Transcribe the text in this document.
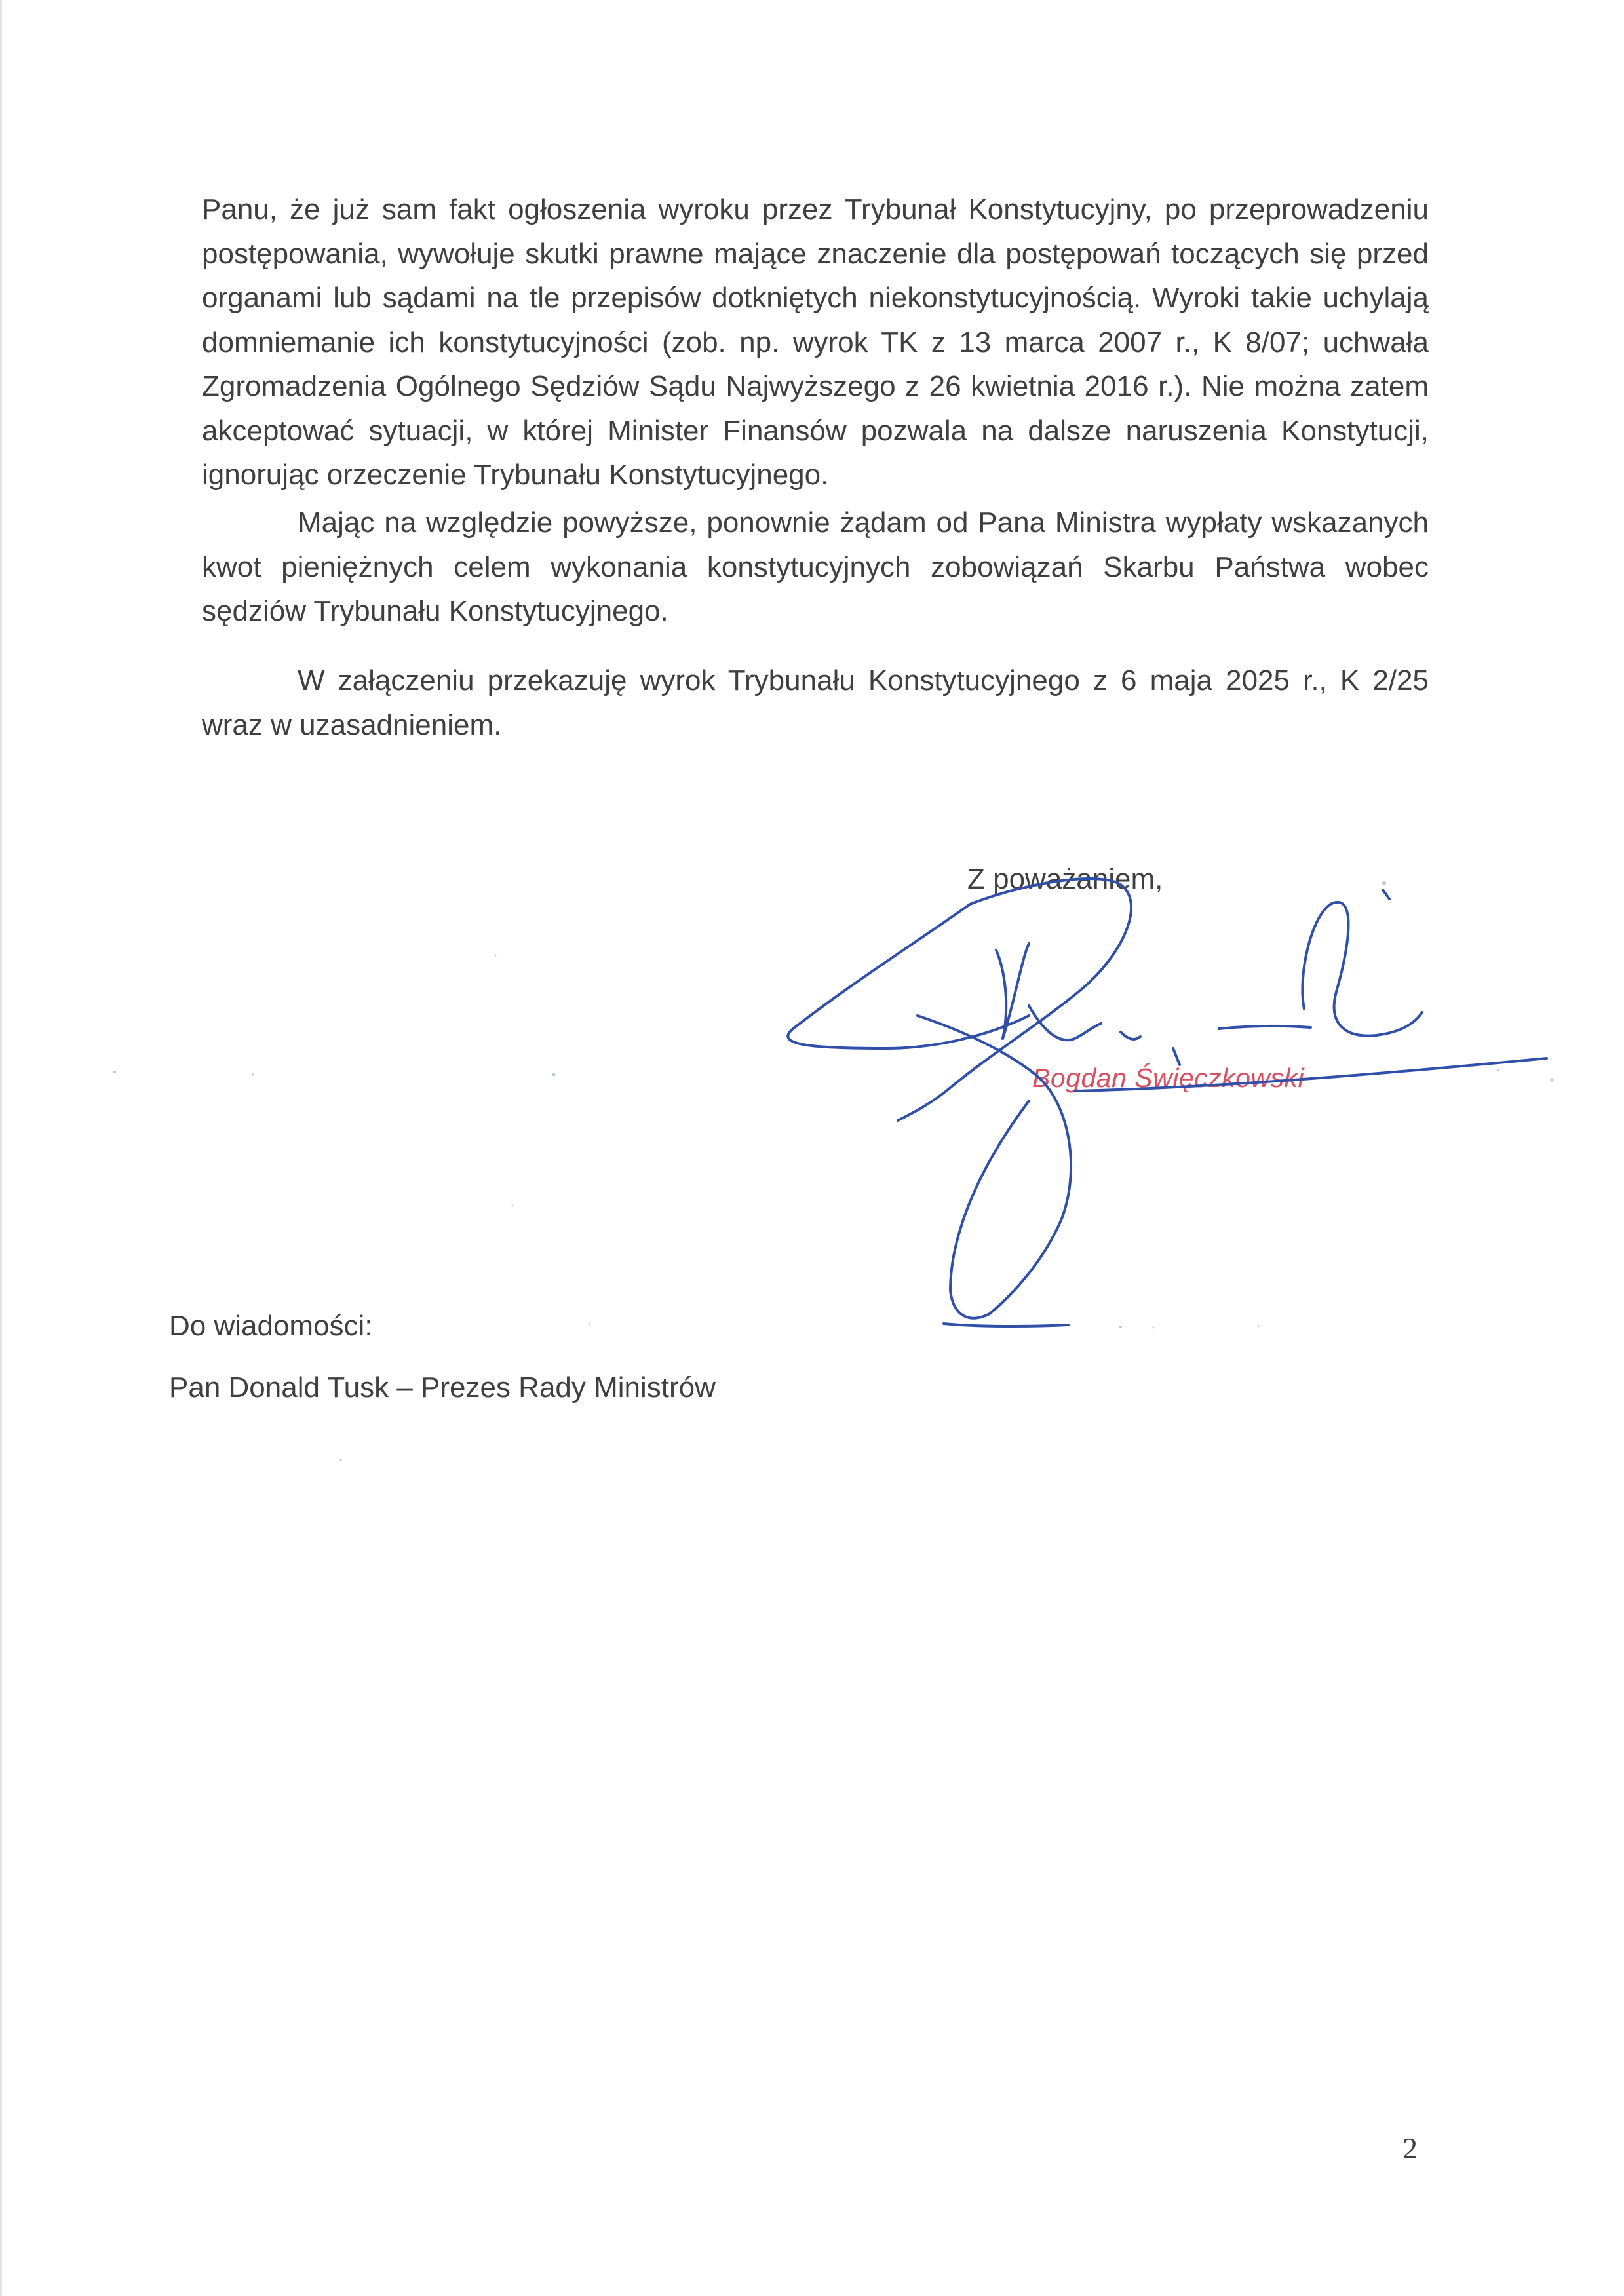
Panu, że już sam fakt ogłoszenia wyroku przez Trybunał Konstytucyjny, po przeprowadzeniu postępowania, wywołuje skutki prawne mające znaczenie dla postępowań toczących się przed organami lub sądami na tle przepisów dotkniętych niekonstytucyjnością. Wyroki takie uchylają domniemanie ich konstytucyjności (zob. np. wyrok TK z 13 marca 2007 r., K 8/07; uchwała Zgromadzenia Ogólnego Sędziów Sądu Najwyższego z 26 kwietnia 2016 r.). Nie można zatem akceptować sytuacji, w której Minister Finansów pozwala na dalsze naruszenia Konstytucji, ignorując orzeczenie Trybunału Konstytucyjnego.

Mając na względzie powyższe, ponownie żądam od Pana Ministra wypłaty wskazanych kwot pieniężnych celem wykonania konstytucyjnych zobowiązań Skarbu Państwa wobec sędziów Trybunału Konstytucyjnego.

W załączeniu przekazuję wyrok Trybunału Konstytucyjnego z 6 maja 2025 r., K 2/25 wraz w uzasadnieniem.

Z poważaniem,

Bogdan Święczkowski

Do wiadomości:

Pan Donald Tusk – Prezes Rady Ministrów

2
